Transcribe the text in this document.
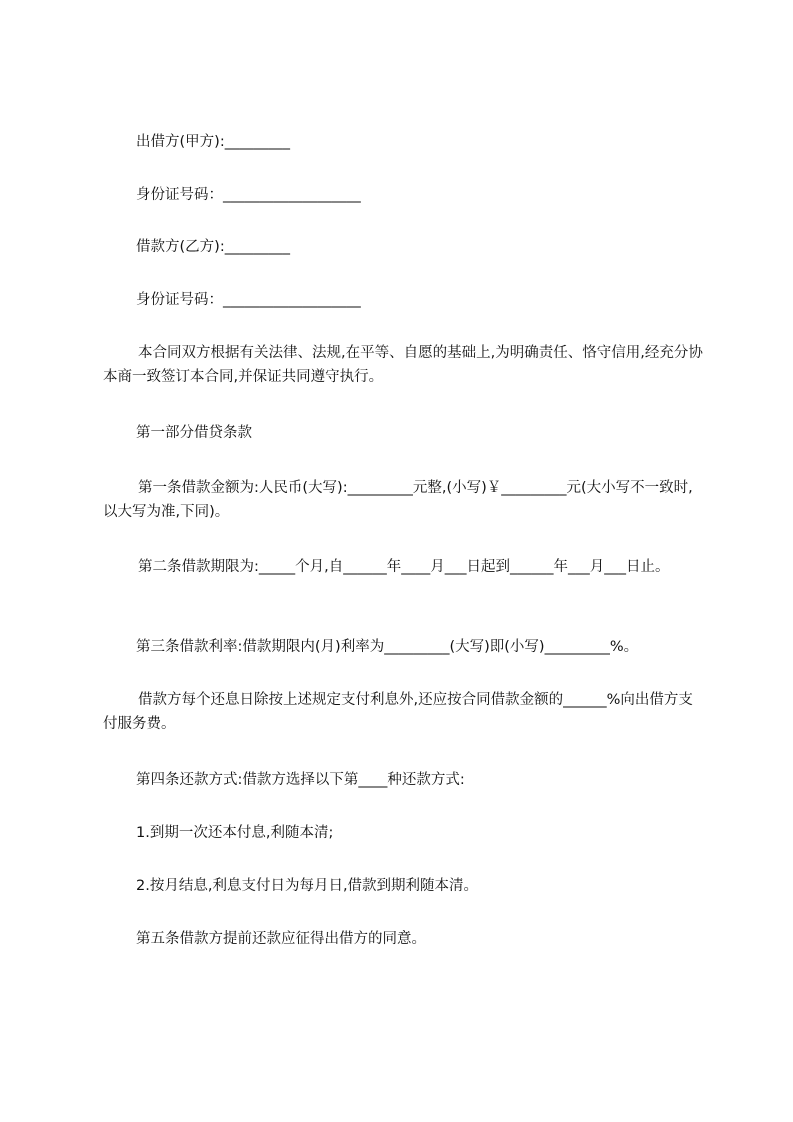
出借方(甲方):_________

身份证号码：___________________

借款方(乙方):_________

身份证号码：___________________

本合同双方根据有关法律、法规,在平等、自愿的基础上,为明确责任、恪守信用,经充分协本商一致签订本合同,并保证共同遵守执行。

第一部分借贷条款

第一条借款金额为:人民币(大写):_________元整,(小写)￥_________元(大小写不一致时,以大写为准,下同)。

第二条借款期限为:_____个月,自______年____月___日起到______年___月___日止。

第三条借款利率:借款期限内(月)利率为_________(大写)即(小写)_________%。

借款方每个还息日除按上述规定支付利息外,还应按合同借款金额的______%向出借方支付服务费。

第四条还款方式:借款方选择以下第____种还款方式:

1.到期一次还本付息,利随本清;

2.按月结息,利息支付日为每月日,借款到期利随本清。

第五条借款方提前还款应征得出借方的同意。
